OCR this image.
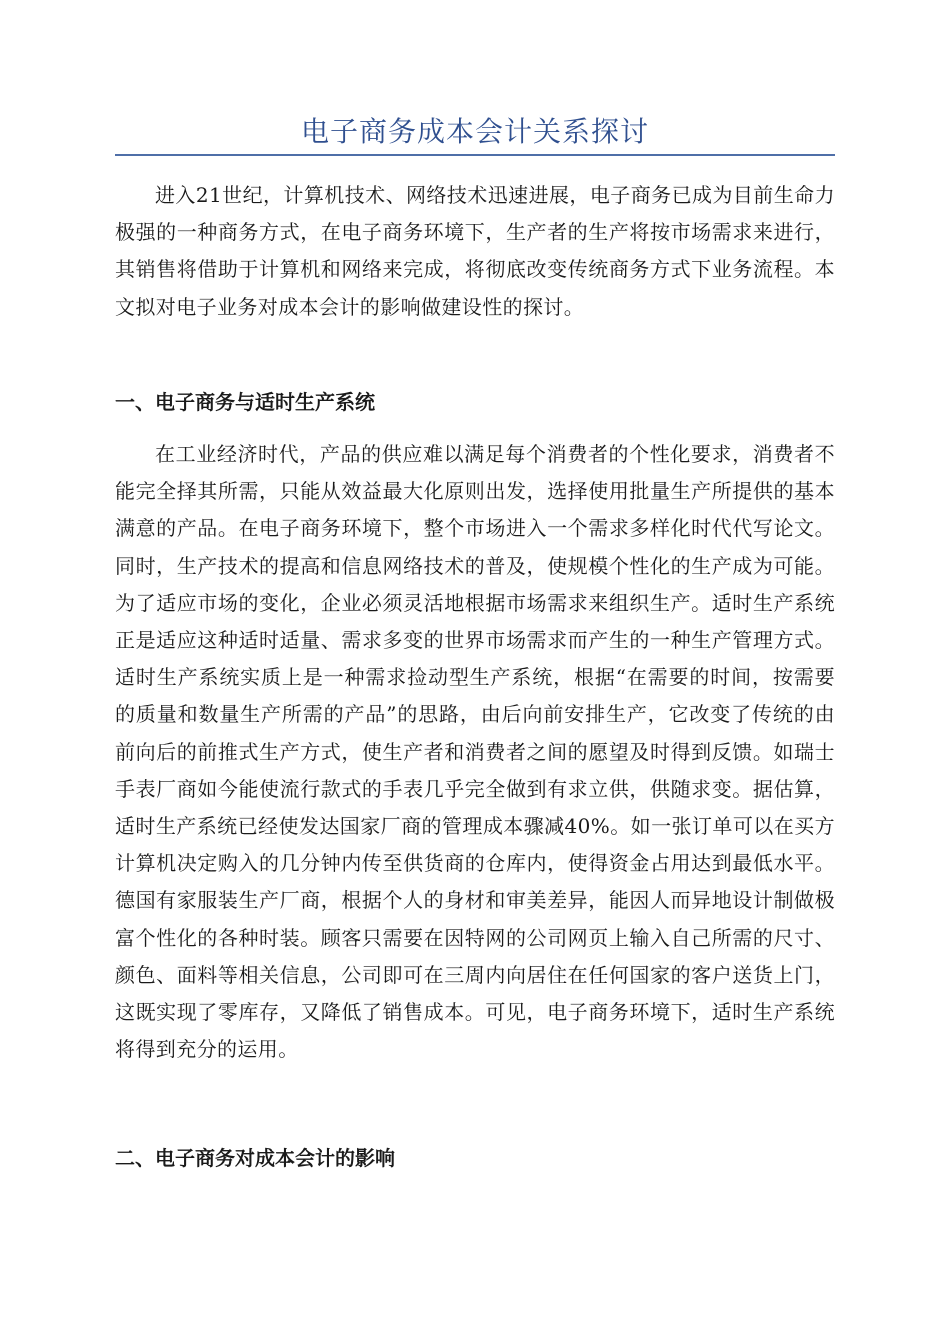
电子商务成本会计关系探讨

进入21世纪，计算机技术、网络技术迅速进展，电子商务已成为目前生命力极强的一种商务方式，在电子商务环境下，生产者的生产将按市场需求来进行，其销售将借助于计算机和网络来完成，将彻底改变传统商务方式下业务流程。本文拟对电子业务对成本会计的影响做建设性的探讨。

一、电子商务与适时生产系统

在工业经济时代，产品的供应难以满足每个消费者的个性化要求，消费者不能完全择其所需，只能从效益最大化原则出发，选择使用批量生产所提供的基本满意的产品。在电子商务环境下，整个市场进入一个需求多样化时代代写论文。同时，生产技术的提高和信息网络技术的普及，使规模个性化的生产成为可能。为了适应市场的变化，企业必须灵活地根据市场需求来组织生产。适时生产系统正是适应这种适时适量、需求多变的世界市场需求而产生的一种生产管理方式。适时生产系统实质上是一种需求捡动型生产系统，根据“在需要的时间，按需要的质量和数量生产所需的产品”的思路，由后向前安排生产，它改变了传统的由前向后的前推式生产方式，使生产者和消费者之间的愿望及时得到反馈。如瑞士手表厂商如今能使流行款式的手表几乎完全做到有求立供，供随求变。据估算，适时生产系统已经使发达国家厂商的管理成本骤减40%。如一张订单可以在买方计算机决定购入的几分钟内传至供货商的仓库内，使得资金占用达到最低水平。德国有家服装生产厂商，根据个人的身材和审美差异，能因人而异地设计制做极富个性化的各种时装。顾客只需要在因特网的公司网页上输入自己所需的尺寸、颜色、面料等相关信息，公司即可在三周内向居住在任何国家的客户送货上门，这既实现了零库存，又降低了销售成本。可见，电子商务环境下，适时生产系统将得到充分的运用。

二、电子商务对成本会计的影响
